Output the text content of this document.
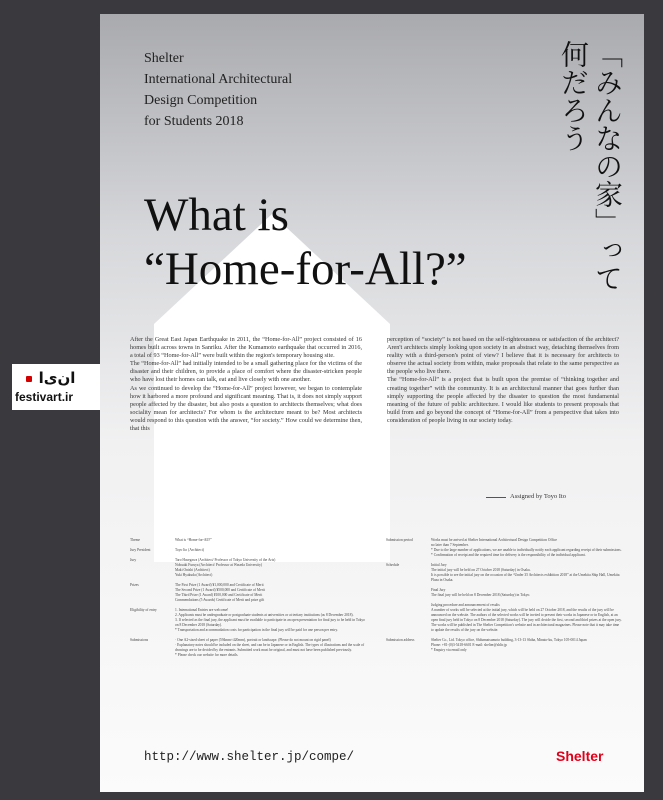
ا‌ن‌ی‌ا
festivart.ir
Shelter
International Architectural
Design Competition
for Students 2018	「みんなの家」って何だろう
What is
“Home-for-All?”

After the Great East Japan Earthquake in 2011, the “Home-for-All” project consisted of 16 homes built across towns in Sanriku. After the Kumamoto earthquake that occurred in 2016, a total of 93 “Home-for-All” were built within the region's temporary housing site.

The “Home-for-All” had initially intended to be a small gathering place for the victims of the disaster and their children, to provide a place of comfort where the disaster-stricken people who have lost their homes can talk, eat and live closely with one another.

As we continued to develop the “Home-for-All” project however, we began to contemplate how it harbored a more profound and significant meaning. That is, it does not simply support people affected by the disaster, but also posts a question to architects themselves; what does sociality mean for architects? For whom is the architecture meant to be? Most architects would respond to this question with the answer, “for society.” How could we determine then, that this

perception of “society” is not based on the self-righteousness or satisfaction of the architect? Aren't architects simply looking upon society in an abstract way, detaching themselves from reality with a third-person's point of view? I believe that it is necessary for architects to observe the actual society from within, make proposals that relate to the same perspective as the people who live there.

The “Home-for-All” is a project that is built upon the premise of “thinking together and creating together” with the community. It is an architectural manner that goes further than simply supporting the people affected by the disaster to question the most fundamental meaning of the future of public architecture. I would like students to present proposals that build from and go beyond the concept of “Home-for-All” from a perspective that takes into consideration of people living in our society today.

Assigned by Toyo Ito
Theme	What is “Home-for-All?”
Jury President	Toyo Ito (Architect)
Jury	Taro Hasegawa (Architect/ Professor of Tokyo University of the Arts)
Nobuaki Furuya (Architect/ Professor at Waseda University)
Maki Onishi (Architect)
Yuki Hyakuda (Architect)
Prizes	The First Prize (1 Award) ¥1,000,000 and Certificate of Merit
The Second Prize (1 Award) ¥500,000 and Certificate of Merit
The Third Prize (1 Award) ¥100,000 and Certificate of Merit
Commendations (5 Awards) Certificate of Merit and prize gift
Eligibility of entry	1. International Entries are welcome!
2. Applicants must be undergraduate or postgraduate students at universities or at tertiary institutions (as 8 December 2018).
3. If selected as the final jury, the applicant must be available to participate in an open presentation for final jury to be held in Tokyo on 8 December 2018 (Saturday).
* Transportation and accommodation costs for participation in the final jury will be paid for one person per entry.
Submissions	· One A2-sized sheet of paper (594mm×420mm), portrait or landscape. (Please do not mount on rigid panel)
· Explanatory notes should be included on the sheet, and can be in Japanese or in English. The types of illustrations and the scale of drawings are to be decided by the entrants. Submitted work must be original, and must not have been published previously.
* Please check our website for more details.
Submission period	Works must be arrived at Shelter International Architectural Design Competition Office
no later than 7 September.
* Due to the large number of applications, we are unable to individually notify each applicant regarding receipt of their submissions.
* Confirmation of receipt and the required time for delivery is the responsibility of the individual applicant.
Schedule	Initial Jury
The initial jury will be held on 27 October 2018 (Saturday) in Osaka.
It is possible to see the initial jury on the occasion of the “Under 35 Architects exhibition 2018” at the Umekita Ship Hall, Umekita Plaza in Osaka.

Final Jury
The final jury will be held on 8 December 2018 (Saturday) in Tokyo.

Judging procedure and announcement of results
A number of works will be selected at the initial jury, which will be held on 27 October 2018, and the results of the jury will be announced on the website. The authors of the selected works will be invited to present their works in Japanese or in English, at an open final jury held in Tokyo on 8 December 2018 (Saturday). The jury will decide the first, second and third prizes at the open jury. The works will be published in The Shelter Competition's website and in architectural magazines. Please note that it may take time to update the results of the jury on the website.
Submission address	Shelter Co., Ltd. Tokyo office, Shibamatsumoto building, 3-13-13 Shiba, Minato-ku, Tokyo 105-0014 Japan
Phone: +81-(0)3-5418-6601 E-mail: shelter@shltr.jp
* Enquiry via email only
http://www.shelter.jp/compe/	Shelter
